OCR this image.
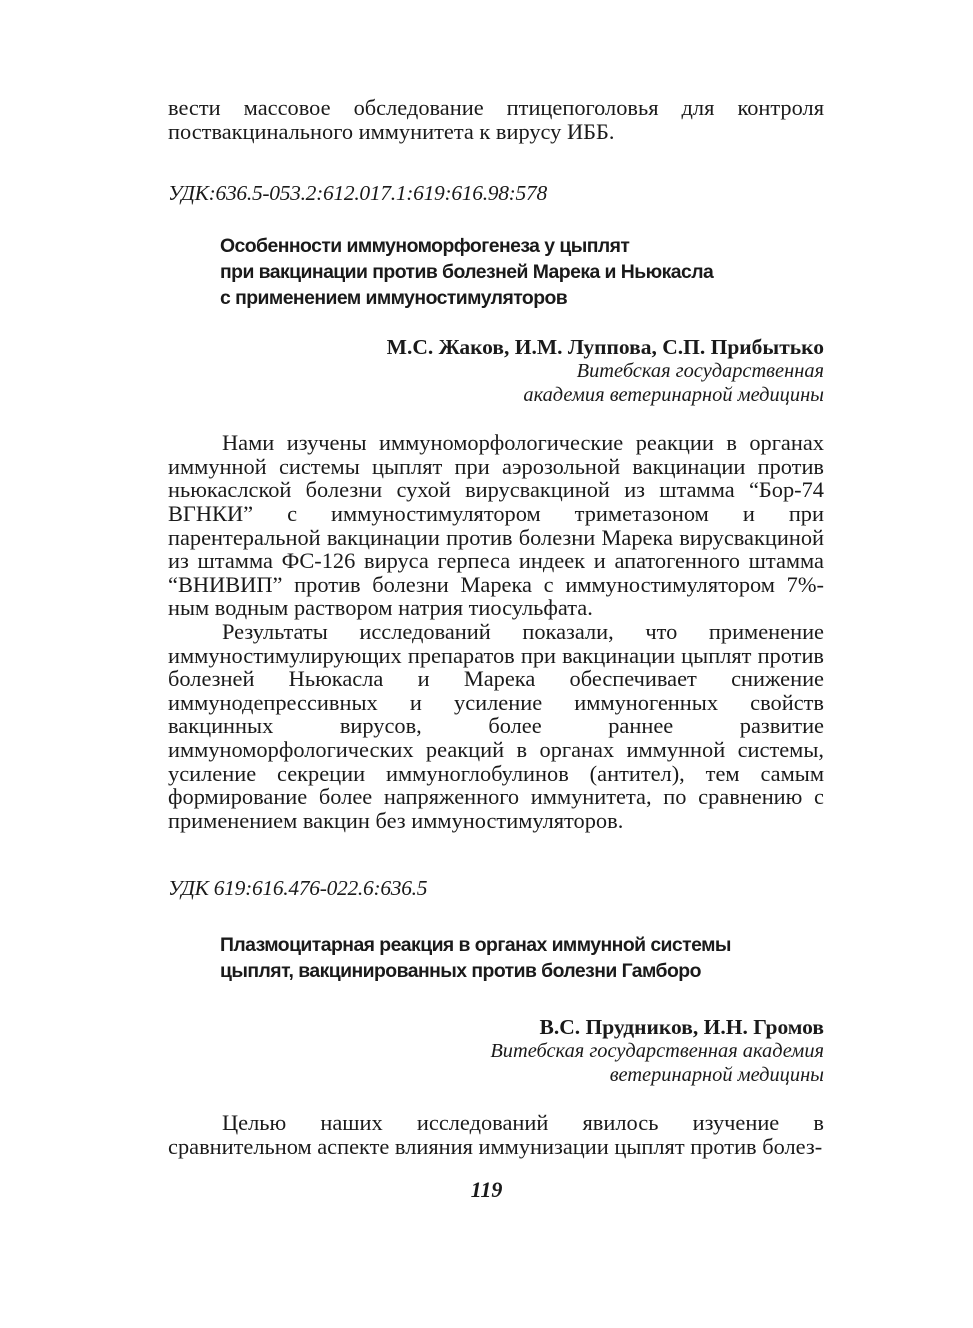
вести массовое обследование птицепоголовья для контроля поствакцинального иммунитета к вирусу ИББ.

УДК:636.5-053.2:612.017.1:619:616.98:578

Особенности иммуноморфогенеза у цыплят

при вакцинации против болезней Марека и Ньюкасла

с применением иммуностимуляторов

М.С. Жаков, И.М. Луппова, С.П. Прибытько

Витебская государственная

академия ветеринарной медицины

Нами изучены иммуноморфологические реакции в органах иммунной системы цыплят при аэрозольной вакцинации против ньюкаслской болезни сухой вирусвакциной из штамма “Бор-74 ВГНКИ” с иммуностимулятором триметазоном и при парентеральной вакцинации против болезни Марека вирусвакциной из штамма ФС-126 вируса герпеса индеек и апатогенного штамма “ВНИВИП” против болезни Марека с иммуностимулятором 7%-ным водным раствором натрия тиосульфата.

Результаты исследований показали, что применение иммуностимулирующих препаратов при вакцинации цыплят против болезней Ньюкасла и Марека обеспечивает снижение иммунодепрессивных и усиление иммуногенных свойств вакцинных вирусов, более раннее развитие иммуноморфологических реакций в органах иммунной системы, усиление секреции иммуноглобулинов (антител), тем самым формирование более напряженного иммунитета, по сравнению с применением вакцин без иммуностимуляторов.

УДК 619:616.476-022.6:636.5

Плазмоцитарная реакция в органах иммунной системы

цыплят, вакцинированных против болезни Гамборо

В.С. Прудников, И.Н. Громов

Витебская государственная академия

ветеринарной медицины

Целью наших исследований явилось изучение в сравнительном аспекте влияния иммунизации цыплят против болез-

119
